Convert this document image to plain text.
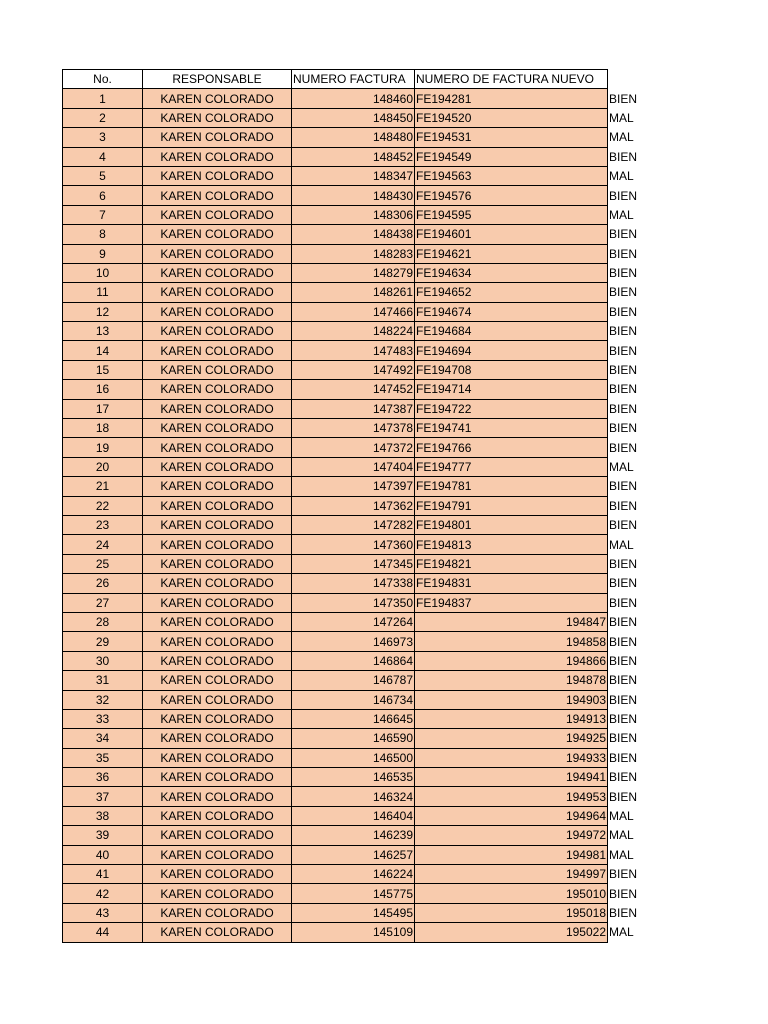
No.	RESPONSABLE	NUMERO FACTURA	NUMERO DE FACTURA NUEVO	
1	KAREN COLORADO	148460	FE194281	BIEN
2	KAREN COLORADO	148450	FE194520	MAL
3	KAREN COLORADO	148480	FE194531	MAL
4	KAREN COLORADO	148452	FE194549	BIEN
5	KAREN COLORADO	148347	FE194563	MAL
6	KAREN COLORADO	148430	FE194576	BIEN
7	KAREN COLORADO	148306	FE194595	MAL
8	KAREN COLORADO	148438	FE194601	BIEN
9	KAREN COLORADO	148283	FE194621	BIEN
10	KAREN COLORADO	148279	FE194634	BIEN
11	KAREN COLORADO	148261	FE194652	BIEN
12	KAREN COLORADO	147466	FE194674	BIEN
13	KAREN COLORADO	148224	FE194684	BIEN
14	KAREN COLORADO	147483	FE194694	BIEN
15	KAREN COLORADO	147492	FE194708	BIEN
16	KAREN COLORADO	147452	FE194714	BIEN
17	KAREN COLORADO	147387	FE194722	BIEN
18	KAREN COLORADO	147378	FE194741	BIEN
19	KAREN COLORADO	147372	FE194766	BIEN
20	KAREN COLORADO	147404	FE194777	MAL
21	KAREN COLORADO	147397	FE194781	BIEN
22	KAREN COLORADO	147362	FE194791	BIEN
23	KAREN COLORADO	147282	FE194801	BIEN
24	KAREN COLORADO	147360	FE194813	MAL
25	KAREN COLORADO	147345	FE194821	BIEN
26	KAREN COLORADO	147338	FE194831	BIEN
27	KAREN COLORADO	147350	FE194837	BIEN
28	KAREN COLORADO	147264	194847	BIEN
29	KAREN COLORADO	146973	194858	BIEN
30	KAREN COLORADO	146864	194866	BIEN
31	KAREN COLORADO	146787	194878	BIEN
32	KAREN COLORADO	146734	194903	BIEN
33	KAREN COLORADO	146645	194913	BIEN
34	KAREN COLORADO	146590	194925	BIEN
35	KAREN COLORADO	146500	194933	BIEN
36	KAREN COLORADO	146535	194941	BIEN
37	KAREN COLORADO	146324	194953	BIEN
38	KAREN COLORADO	146404	194964	MAL
39	KAREN COLORADO	146239	194972	MAL
40	KAREN COLORADO	146257	194981	MAL
41	KAREN COLORADO	146224	194997	BIEN
42	KAREN COLORADO	145775	195010	BIEN
43	KAREN COLORADO	145495	195018	BIEN
44	KAREN COLORADO	145109	195022	MAL
